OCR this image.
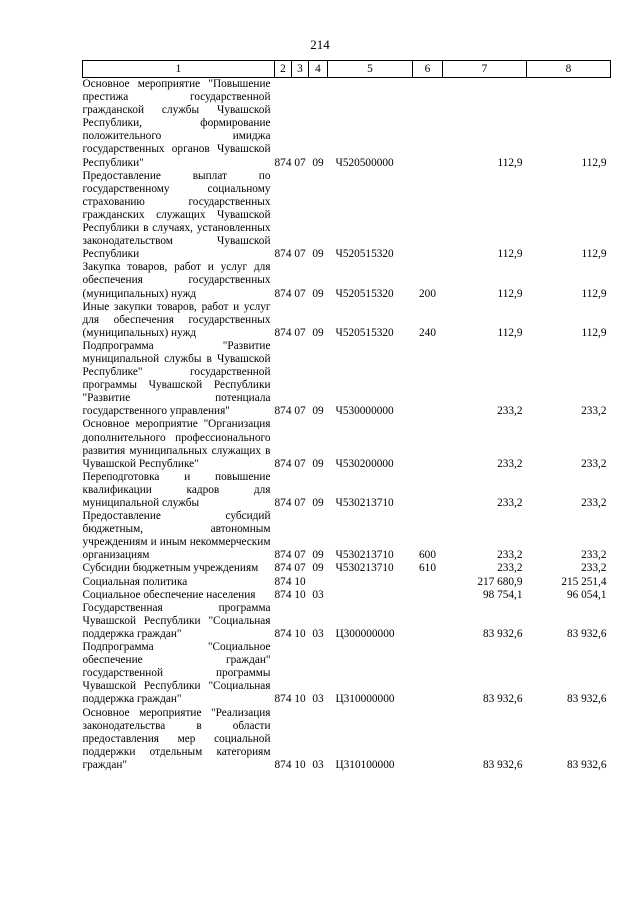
214
1	2	3	4	5	6	7	8
Основное мероприятие "Повышение престижа государственной гражданской службы Чувашской Республики, формирование положительного имиджа государственных органов Чувашской Республики"	874	07	09	Ч520500000		112,9	112,9
Предоставление выплат по государственному социальному страхованию государственных гражданских служащих Чувашской Республики в случаях, установленных законодательством Чувашской Республики	874	07	09	Ч520515320		112,9	112,9
Закупка товаров, работ и услуг для обеспечения государственных (муниципальных) нужд	874	07	09	Ч520515320	200	112,9	112,9
Иные закупки товаров, работ и услуг для обеспечения государственных (муниципальных) нужд	874	07	09	Ч520515320	240	112,9	112,9
Подпрограмма "Развитие муниципальной службы в Чувашской Республике" государственной программы Чувашской Республики "Развитие потенциала государственного управления"	874	07	09	Ч530000000		233,2	233,2
Основное мероприятие "Организация дополнительного профессионального развития муниципальных служащих в Чувашской Республике"	874	07	09	Ч530200000		233,2	233,2
Переподготовка и повышение квалификации кадров для муниципальной службы	874	07	09	Ч530213710		233,2	233,2
Предоставление субсидий бюджетным, автономным учреждениям и иным некоммерческим организациям	874	07	09	Ч530213710	600	233,2	233,2
Субсидии бюджетным учреждениям	874	07	09	Ч530213710	610	233,2	233,2
Социальная политика	874	10				217 680,9	215 251,4
Социальное обеспечение населения	874	10	03			98 754,1	96 054,1
Государственная программа Чувашской Республики "Социальная поддержка граждан"	874	10	03	Ц300000000		83 932,6	83 932,6
Подпрограмма "Социальное обеспечение граждан" государственной программы Чувашской Республики "Социальная поддержка граждан"	874	10	03	Ц310000000		83 932,6	83 932,6
Основное мероприятие "Реализация законодательства в области предоставления мер социальной поддержки отдельным категориям граждан"	874	10	03	Ц310100000		83 932,6	83 932,6
